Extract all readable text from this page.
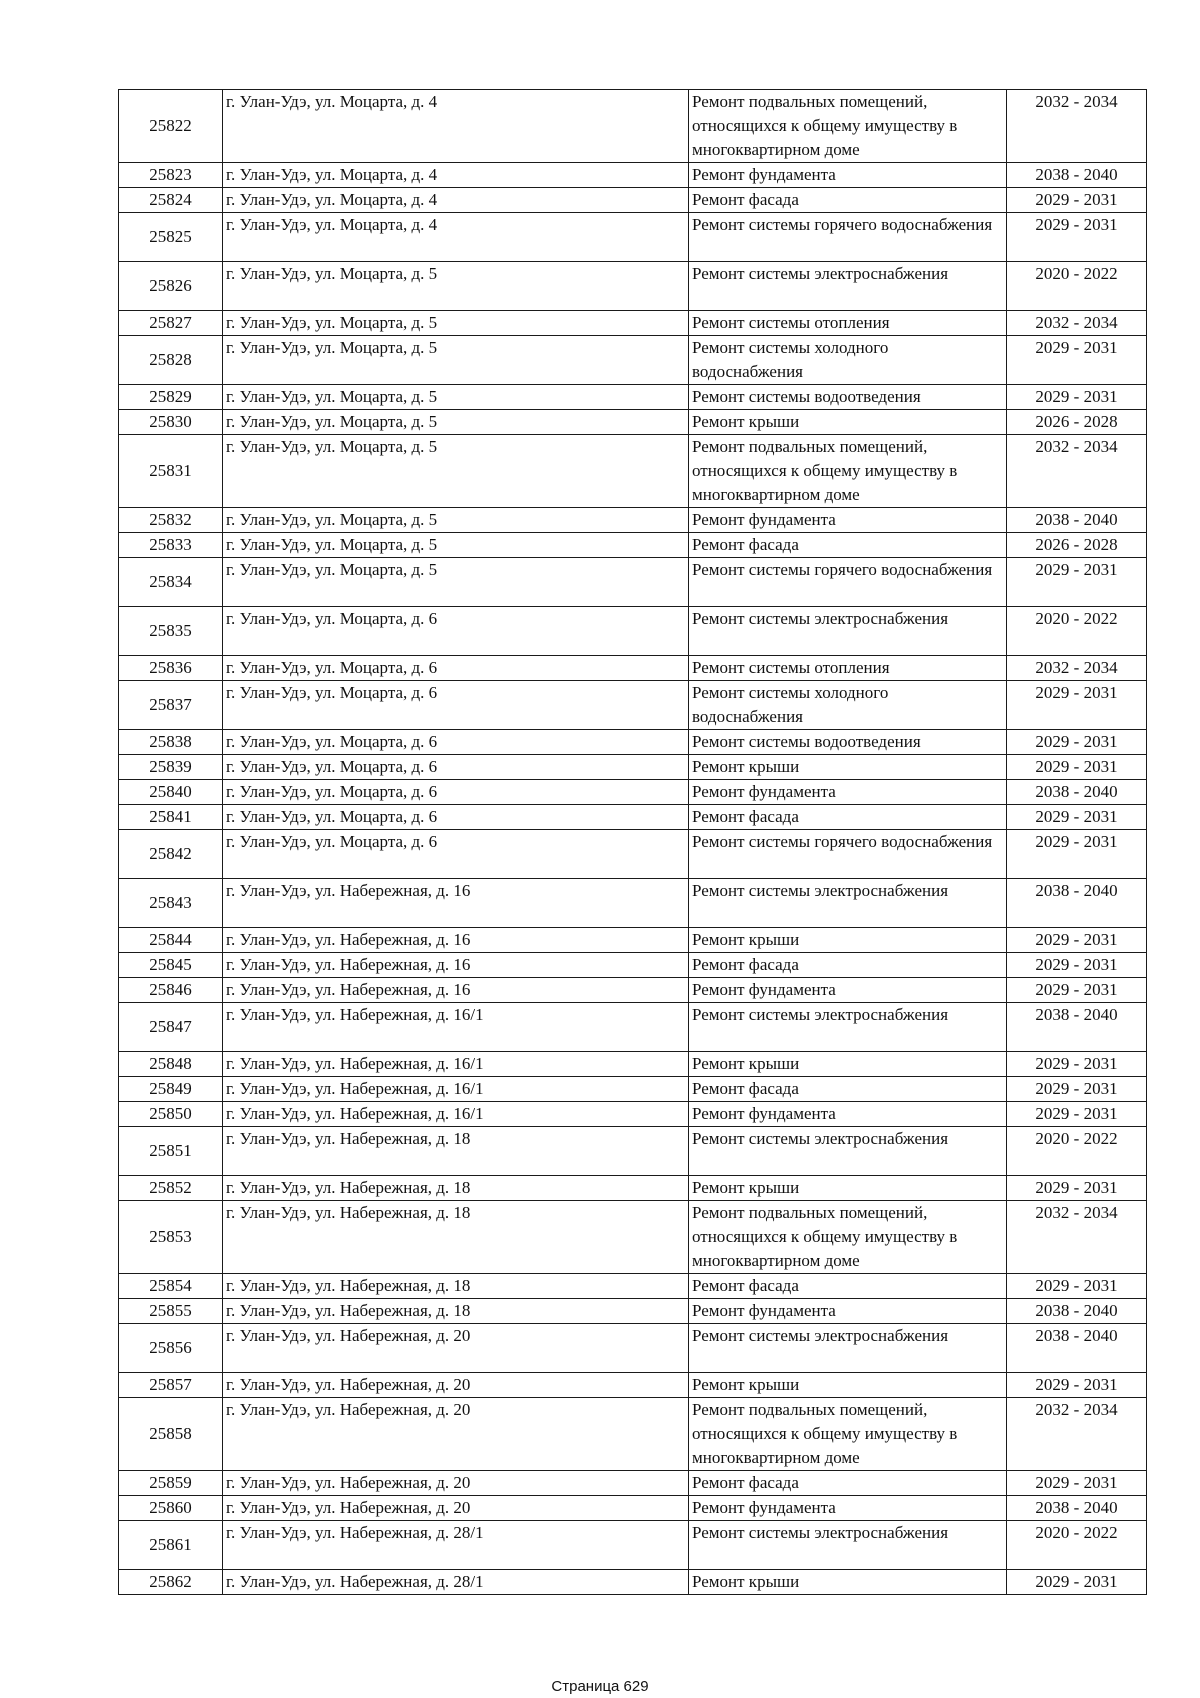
25822	г. Улан-Удэ, ул. Моцарта, д. 4	Ремонт подвальных помещений, относящихся к общему имуществу в многоквартирном доме	2032 - 2034
25823	г. Улан-Удэ, ул. Моцарта, д. 4	Ремонт фундамента	2038 - 2040
25824	г. Улан-Удэ, ул. Моцарта, д. 4	Ремонт фасада	2029 - 2031
25825	г. Улан-Удэ, ул. Моцарта, д. 4	Ремонт системы горячего водоснабжения	2029 - 2031
25826	г. Улан-Удэ, ул. Моцарта, д. 5	Ремонт системы электроснабжения	2020 - 2022
25827	г. Улан-Удэ, ул. Моцарта, д. 5	Ремонт системы отопления	2032 - 2034
25828	г. Улан-Удэ, ул. Моцарта, д. 5	Ремонт системы холодного водоснабжения	2029 - 2031
25829	г. Улан-Удэ, ул. Моцарта, д. 5	Ремонт системы водоотведения	2029 - 2031
25830	г. Улан-Удэ, ул. Моцарта, д. 5	Ремонт крыши	2026 - 2028
25831	г. Улан-Удэ, ул. Моцарта, д. 5	Ремонт подвальных помещений, относящихся к общему имуществу в многоквартирном доме	2032 - 2034
25832	г. Улан-Удэ, ул. Моцарта, д. 5	Ремонт фундамента	2038 - 2040
25833	г. Улан-Удэ, ул. Моцарта, д. 5	Ремонт фасада	2026 - 2028
25834	г. Улан-Удэ, ул. Моцарта, д. 5	Ремонт системы горячего водоснабжения	2029 - 2031
25835	г. Улан-Удэ, ул. Моцарта, д. 6	Ремонт системы электроснабжения	2020 - 2022
25836	г. Улан-Удэ, ул. Моцарта, д. 6	Ремонт системы отопления	2032 - 2034
25837	г. Улан-Удэ, ул. Моцарта, д. 6	Ремонт системы холодного водоснабжения	2029 - 2031
25838	г. Улан-Удэ, ул. Моцарта, д. 6	Ремонт системы водоотведения	2029 - 2031
25839	г. Улан-Удэ, ул. Моцарта, д. 6	Ремонт крыши	2029 - 2031
25840	г. Улан-Удэ, ул. Моцарта, д. 6	Ремонт фундамента	2038 - 2040
25841	г. Улан-Удэ, ул. Моцарта, д. 6	Ремонт фасада	2029 - 2031
25842	г. Улан-Удэ, ул. Моцарта, д. 6	Ремонт системы горячего водоснабжения	2029 - 2031
25843	г. Улан-Удэ, ул. Набережная, д. 16	Ремонт системы электроснабжения	2038 - 2040
25844	г. Улан-Удэ, ул. Набережная, д. 16	Ремонт крыши	2029 - 2031
25845	г. Улан-Удэ, ул. Набережная, д. 16	Ремонт фасада	2029 - 2031
25846	г. Улан-Удэ, ул. Набережная, д. 16	Ремонт фундамента	2029 - 2031
25847	г. Улан-Удэ, ул. Набережная, д. 16/1	Ремонт системы электроснабжения	2038 - 2040
25848	г. Улан-Удэ, ул. Набережная, д. 16/1	Ремонт крыши	2029 - 2031
25849	г. Улан-Удэ, ул. Набережная, д. 16/1	Ремонт фасада	2029 - 2031
25850	г. Улан-Удэ, ул. Набережная, д. 16/1	Ремонт фундамента	2029 - 2031
25851	г. Улан-Удэ, ул. Набережная, д. 18	Ремонт системы электроснабжения	2020 - 2022
25852	г. Улан-Удэ, ул. Набережная, д. 18	Ремонт крыши	2029 - 2031
25853	г. Улан-Удэ, ул. Набережная, д. 18	Ремонт подвальных помещений, относящихся к общему имуществу в многоквартирном доме	2032 - 2034
25854	г. Улан-Удэ, ул. Набережная, д. 18	Ремонт фасада	2029 - 2031
25855	г. Улан-Удэ, ул. Набережная, д. 18	Ремонт фундамента	2038 - 2040
25856	г. Улан-Удэ, ул. Набережная, д. 20	Ремонт системы электроснабжения	2038 - 2040
25857	г. Улан-Удэ, ул. Набережная, д. 20	Ремонт крыши	2029 - 2031
25858	г. Улан-Удэ, ул. Набережная, д. 20	Ремонт подвальных помещений, относящихся к общему имуществу в многоквартирном доме	2032 - 2034
25859	г. Улан-Удэ, ул. Набережная, д. 20	Ремонт фасада	2029 - 2031
25860	г. Улан-Удэ, ул. Набережная, д. 20	Ремонт фундамента	2038 - 2040
25861	г. Улан-Удэ, ул. Набережная, д. 28/1	Ремонт системы электроснабжения	2020 - 2022
25862	г. Улан-Удэ, ул. Набережная, д. 28/1	Ремонт крыши	2029 - 2031
Страница 629
